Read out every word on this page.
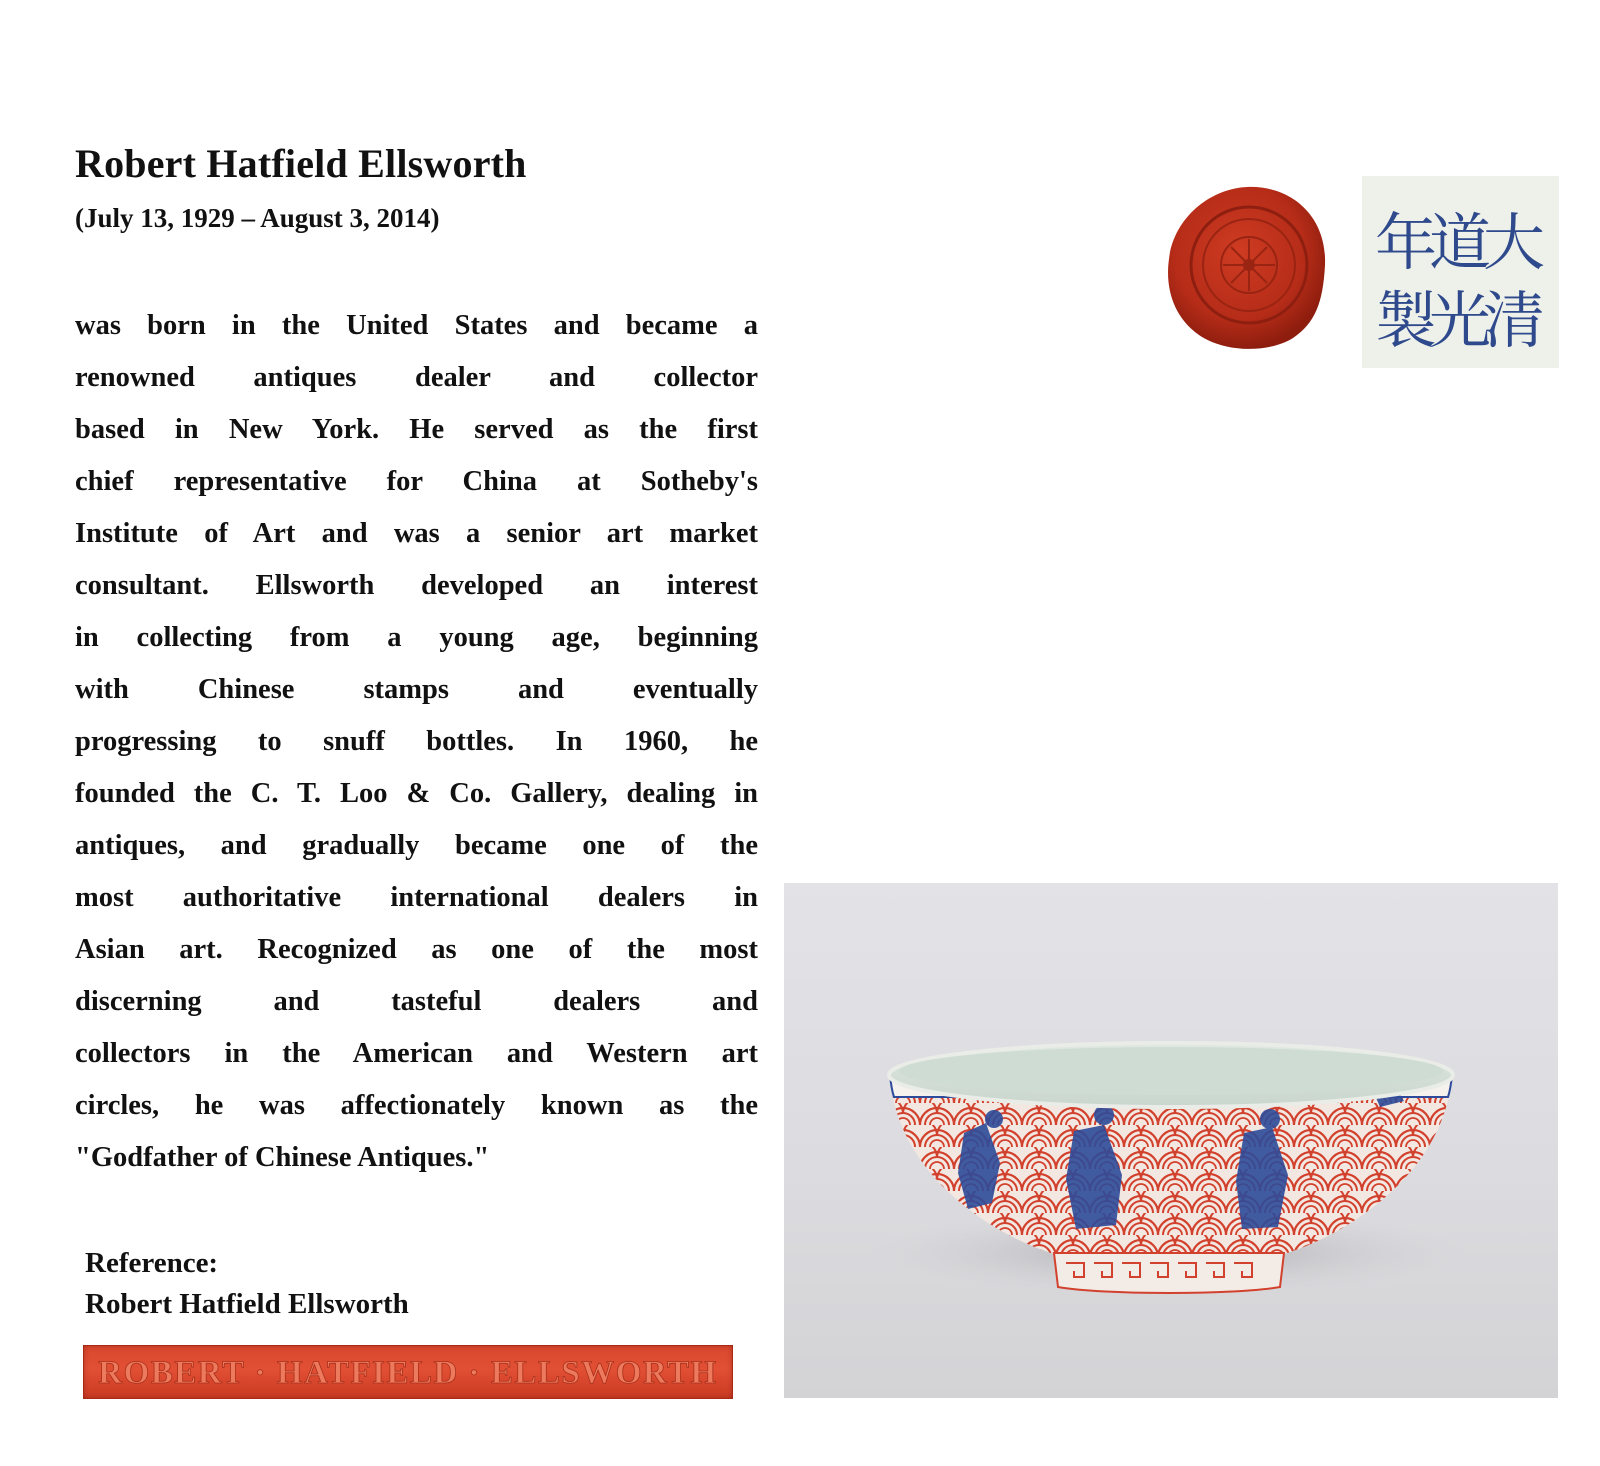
Robert Hatfield Ellsworth
(July 13, 1929 – August 3, 2014)
was born in the United States and became a
renowned antiques dealer and collector
based in New York. He served as the first
chief representative for China at Sotheby's
Institute of Art and was a senior art market
consultant. Ellsworth developed an interest
in collecting from a young age, beginning
with Chinese stamps and eventually
progressing to snuff bottles. In 1960, he
founded the C. T. Loo & Co. Gallery, dealing in
antiques, and gradually became one of the
most authoritative international dealers in
Asian art. Recognized as one of the most
discerning and tasteful dealers and
collectors in the American and Western art
circles, he was affectionately known as the
"Godfather of Chinese Antiques."
Reference:
Robert Hatfield Ellsworth
ROBERT · HATFIELD · ELLSWORTH
大
清
道
光
年
製
